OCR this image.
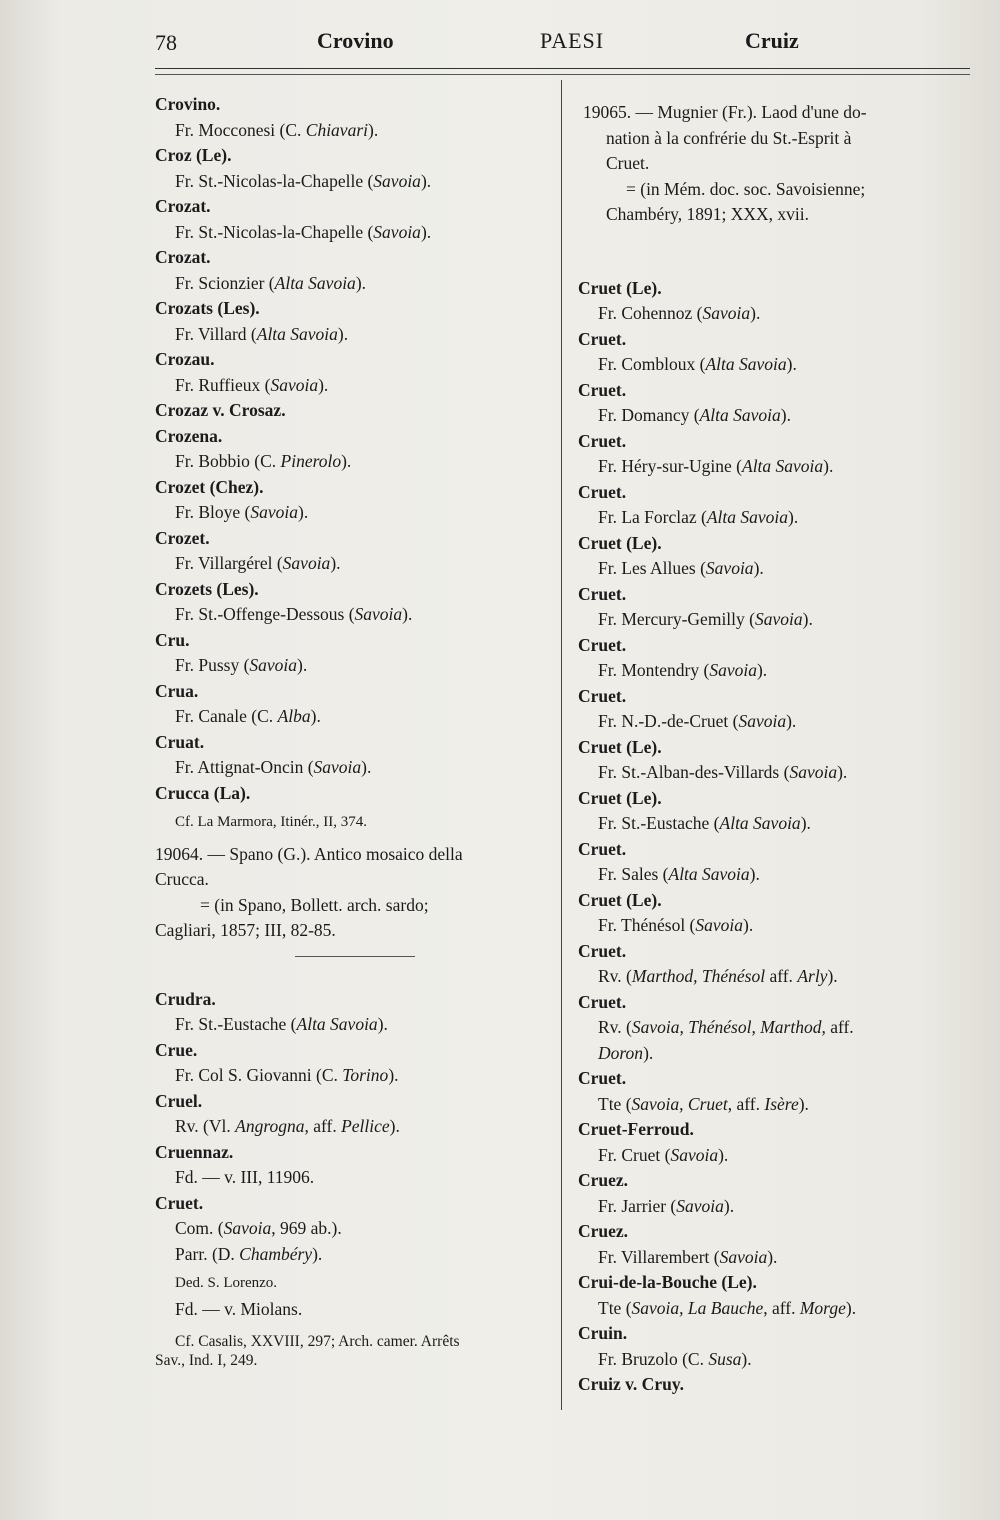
78	Crovino	PAESI	Cruiz
Crovino.
Fr. Mocconesi (C. Chiavari).
Croz (Le).
Fr. St.-Nicolas-la-Chapelle (Savoia).
Crozat.
Fr. St.-Nicolas-la-Chapelle (Savoia).
Crozat.
Fr. Scionzier (Alta Savoia).
Crozats (Les).
Fr. Villard (Alta Savoia).
Crozau.
Fr. Ruffieux (Savoia).
Crozaz v. Crosaz.
Crozena.
Fr. Bobbio (C. Pinerolo).
Crozet (Chez).
Fr. Bloye (Savoia).
Crozet.
Fr. Villargérel (Savoia).
Crozets (Les).
Fr. St.-Offenge-Dessous (Savoia).
Cru.
Fr. Pussy (Savoia).
Crua.
Fr. Canale (C. Alba).
Cruat.
Fr. Attignat-Oncin (Savoia).
Crucca (La).
Cf. La Marmora, Itinér., II, 374.
19064. — Spano (G.). Antico mosaico della
Crucca.
= (in Spano, Bollett. arch. sardo;
Cagliari, 1857; III, 82-85.
Crudra.
Fr. St.-Eustache (Alta Savoia).
Crue.
Fr. Col S. Giovanni (C. Torino).
Cruel.
Rv. (Vl. Angrogna, aff. Pellice).
Cruennaz.
Fd. — v. III, 11906.
Cruet.
Com. (Savoia, 969 ab.).
Parr. (D. Chambéry).
Ded. S. Lorenzo.
Fd. — v. Miolans.
Cf. Casalis, XXVIII, 297; Arch. camer. Arrêts
Sav., Ind. I, 249.
19065. — Mugnier (Fr.). Laod d'une do-
nation à la confrérie du St.-Esprit à
Cruet.
= (in Mém. doc. soc. Savoisienne;
Chambéry, 1891; XXX, xvii.
Cruet (Le).
Fr. Cohennoz (Savoia).
Cruet.
Fr. Combloux (Alta Savoia).
Cruet.
Fr. Domancy (Alta Savoia).
Cruet.
Fr. Héry-sur-Ugine (Alta Savoia).
Cruet.
Fr. La Forclaz (Alta Savoia).
Cruet (Le).
Fr. Les Allues (Savoia).
Cruet.
Fr. Mercury-Gemilly (Savoia).
Cruet.
Fr. Montendry (Savoia).
Cruet.
Fr. N.-D.-de-Cruet (Savoia).
Cruet (Le).
Fr. St.-Alban-des-Villards (Savoia).
Cruet (Le).
Fr. St.-Eustache (Alta Savoia).
Cruet.
Fr. Sales (Alta Savoia).
Cruet (Le).
Fr. Thénésol (Savoia).
Cruet.
Rv. (Marthod, Thénésol aff. Arly).
Cruet.
Rv. (Savoia, Thénésol, Marthod, aff.
Doron).
Cruet.
Tte (Savoia, Cruet, aff. Isère).
Cruet-Ferroud.
Fr. Cruet (Savoia).
Cruez.
Fr. Jarrier (Savoia).
Cruez.
Fr. Villarembert (Savoia).
Crui-de-la-Bouche (Le).
Tte (Savoia, La Bauche, aff. Morge).
Cruin.
Fr. Bruzolo (C. Susa).
Cruiz v. Cruy.
